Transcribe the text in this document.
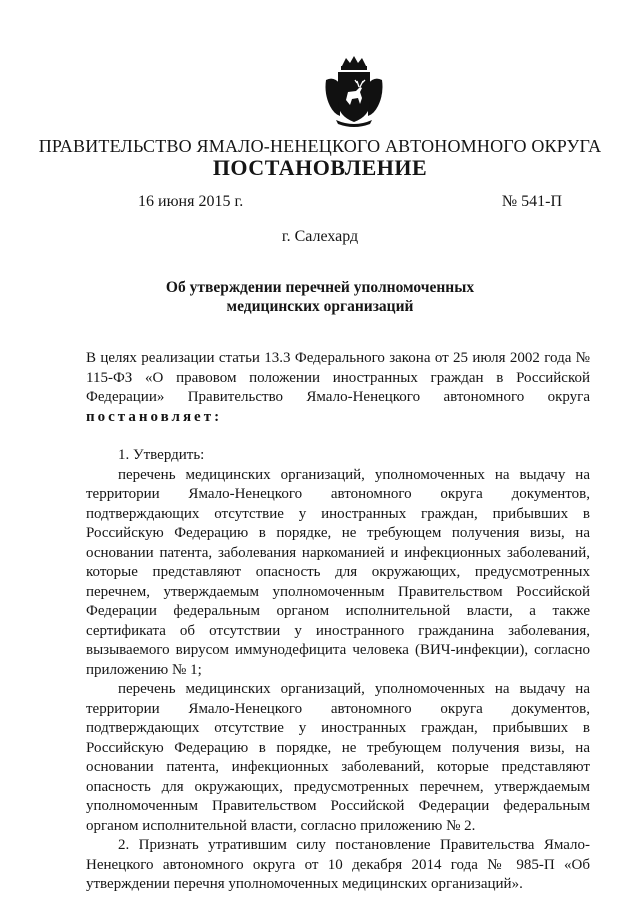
ПРАВИТЕЛЬСТВО ЯМАЛО-НЕНЕЦКОГО АВТОНОМНОГО ОКРУГА
ПОСТАНОВЛЕНИЕ
16 июня 2015 г.	№ 541-П
г. Салехард
Об утверждении перечней уполномоченных
медицинских организаций

В целях реализации статьи 13.3 Федерального закона от 25 июля 2002 года № 115-ФЗ «О правовом положении иностранных граждан в Российской Федерации» Правительство Ямало-Ненецкого автономного округа постановляет:

1. Утвердить:

перечень медицинских организаций, уполномоченных на выдачу на территории Ямало-Ненецкого автономного округа документов, подтверждающих отсутствие у иностранных граждан, прибывших в Российскую Федерацию в порядке, не требующем получения визы, на основании патента, заболевания наркоманией и инфекционных заболеваний, которые представляют опасность для окружающих, предусмотренных перечнем, утверждаемым уполномоченным Правительством Российской Федерации федеральным органом исполнительной власти, а также сертификата об отсутствии у иностранного гражданина заболевания, вызываемого вирусом иммунодефицита человека (ВИЧ-инфекции), согласно приложению № 1;

перечень медицинских организаций, уполномоченных на выдачу на территории Ямало-Ненецкого автономного округа документов, подтверждающих отсутствие у иностранных граждан, прибывших в Российскую Федерацию в порядке, не требующем получения визы, на основании патента, инфекционных заболеваний, которые представляют опасность для окружающих, предусмотренных перечнем, утверждаемым уполномоченным Правительством Российской Федерации федеральным органом исполнительной власти, согласно приложению № 2.

2. Признать утратившим силу постановление Правительства Ямало-Ненецкого автономного округа от 10 декабря 2014 года № 985-П «Об утверждении перечня уполномоченных медицинских организаций».
